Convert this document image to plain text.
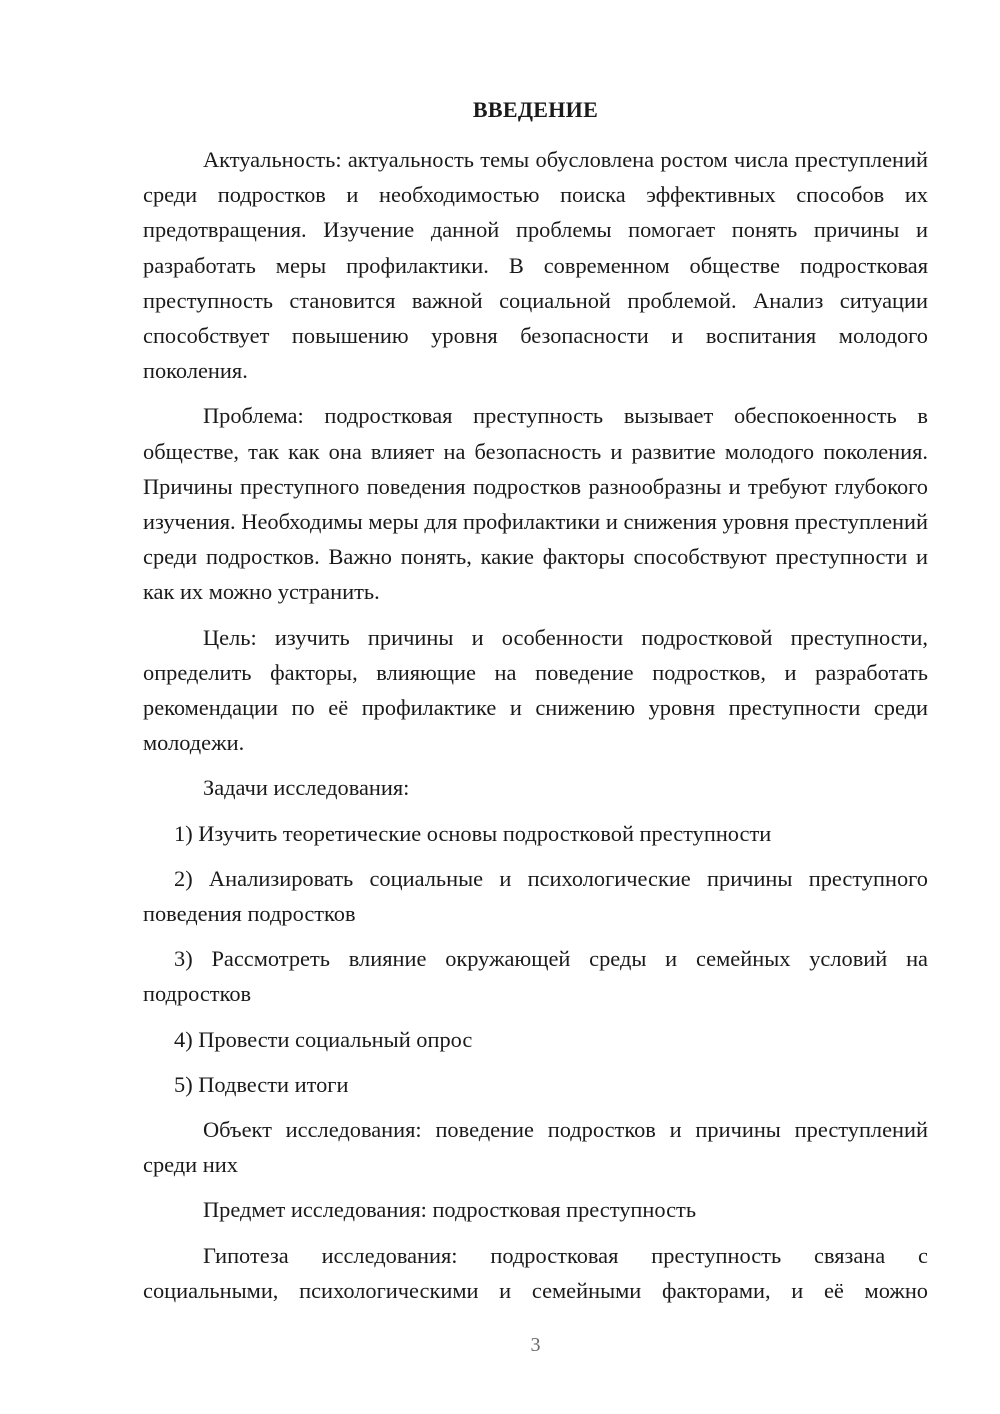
ВВЕДЕНИЕ

Актуальность: актуальность темы обусловлена ростом числа преступлений среди подростков и необходимостью поиска эффективных способов их предотвращения. Изучение данной проблемы помогает понять причины и разработать меры профилактики. В современном обществе подростковая преступность становится важной социальной проблемой. Анализ ситуации способствует повышению уровня безопасности и воспитания молодого поколения.

Проблема: подростковая преступность вызывает обеспокоенность в обществе, так как она влияет на безопасность и развитие молодого поколения. Причины преступного поведения подростков разнообразны и требуют глубокого изучения. Необходимы меры для профилактики и снижения уровня преступлений среди подростков. Важно понять, какие факторы способствуют преступности и как их можно устранить.

Цель: изучить причины и особенности подростковой преступности, определить факторы, влияющие на поведение подростков, и разработать рекомендации по её профилактике и снижению уровня преступности среди молодежи.

Задачи исследования:

1) Изучить теоретические основы подростковой преступности

2) Анализировать социальные и психологические причины преступного поведения подростков

3) Рассмотреть влияние окружающей среды и семейных условий на подростков

4) Провести социальный опрос

5) Подвести итоги

Объект исследования: поведение подростков и причины преступлений среди них

Предмет исследования: подростковая преступность

Гипотеза исследования: подростковая преступность связана с социальными, психологическими и семейными факторами, и её можно

3
